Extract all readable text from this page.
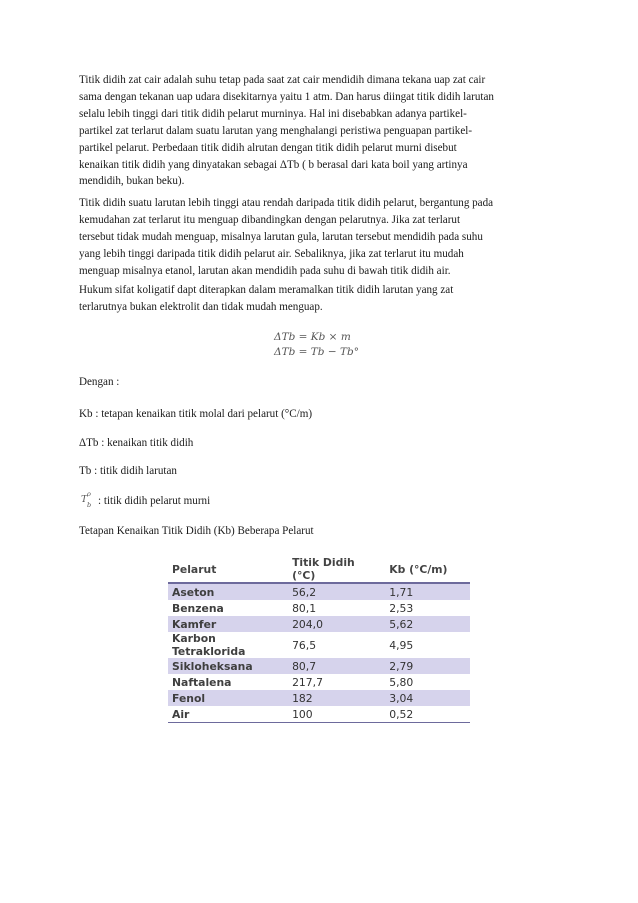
Titik didih zat cair adalah suhu tetap pada saat zat cair mendidih dimana tekana uap zat cair
sama dengan tekanan uap udara disekitarnya yaitu 1 atm. Dan harus diingat titik didih larutan
selalu lebih tinggi dari titik didih pelarut murninya. Hal ini disebabkan adanya partikel-
partikel zat terlarut dalam suatu larutan yang menghalangi peristiwa penguapan partikel-
partikel pelarut. Perbedaan titik didih alrutan dengan titik didih pelarut murni disebut
kenaikan titik didih yang dinyatakan sebagai ΔTb ( b berasal dari kata boil yang artinya
mendidih, bukan beku).
Titik didih suatu larutan lebih tinggi atau rendah daripada titik didih pelarut, bergantung pada
kemudahan zat terlarut itu menguap dibandingkan dengan pelarutnya. Jika zat terlarut
tersebut tidak mudah menguap, misalnya larutan gula, larutan tersebut mendidih pada suhu
yang lebih tinggi daripada titik didih pelarut air. Sebaliknya, jika zat terlarut itu mudah
menguap misalnya etanol, larutan akan mendidih pada suhu di bawah titik didih air.
Hukum sifat koligatif dapt diterapkan dalam meramalkan titik didih larutan yang zat
terlarutnya bukan elektrolit dan tidak mudah menguap.
ΔTb = Kb × m
ΔTb = Tb − Tb°
Dengan :
Kb : tetapan kenaikan titik molal dari pelarut (°C/m)
ΔTb : kenaikan titik didih
Tb : titik didih larutan
T o
b : titik didih pelarut murni
Tetapan Kenaikan Titik Didih (Kb) Beberapa Pelarut
Pelarut	Titik Didih (°C)	Kb (°C/m)
Aseton	56,2	1,71
Benzena	80,1	2,53
Kamfer	204,0	5,62
Karbon Tetraklorida	76,5	4,95
Sikloheksana	80,7	2,79
Naftalena	217,7	5,80
Fenol	182	3,04
Air	100	0,52
